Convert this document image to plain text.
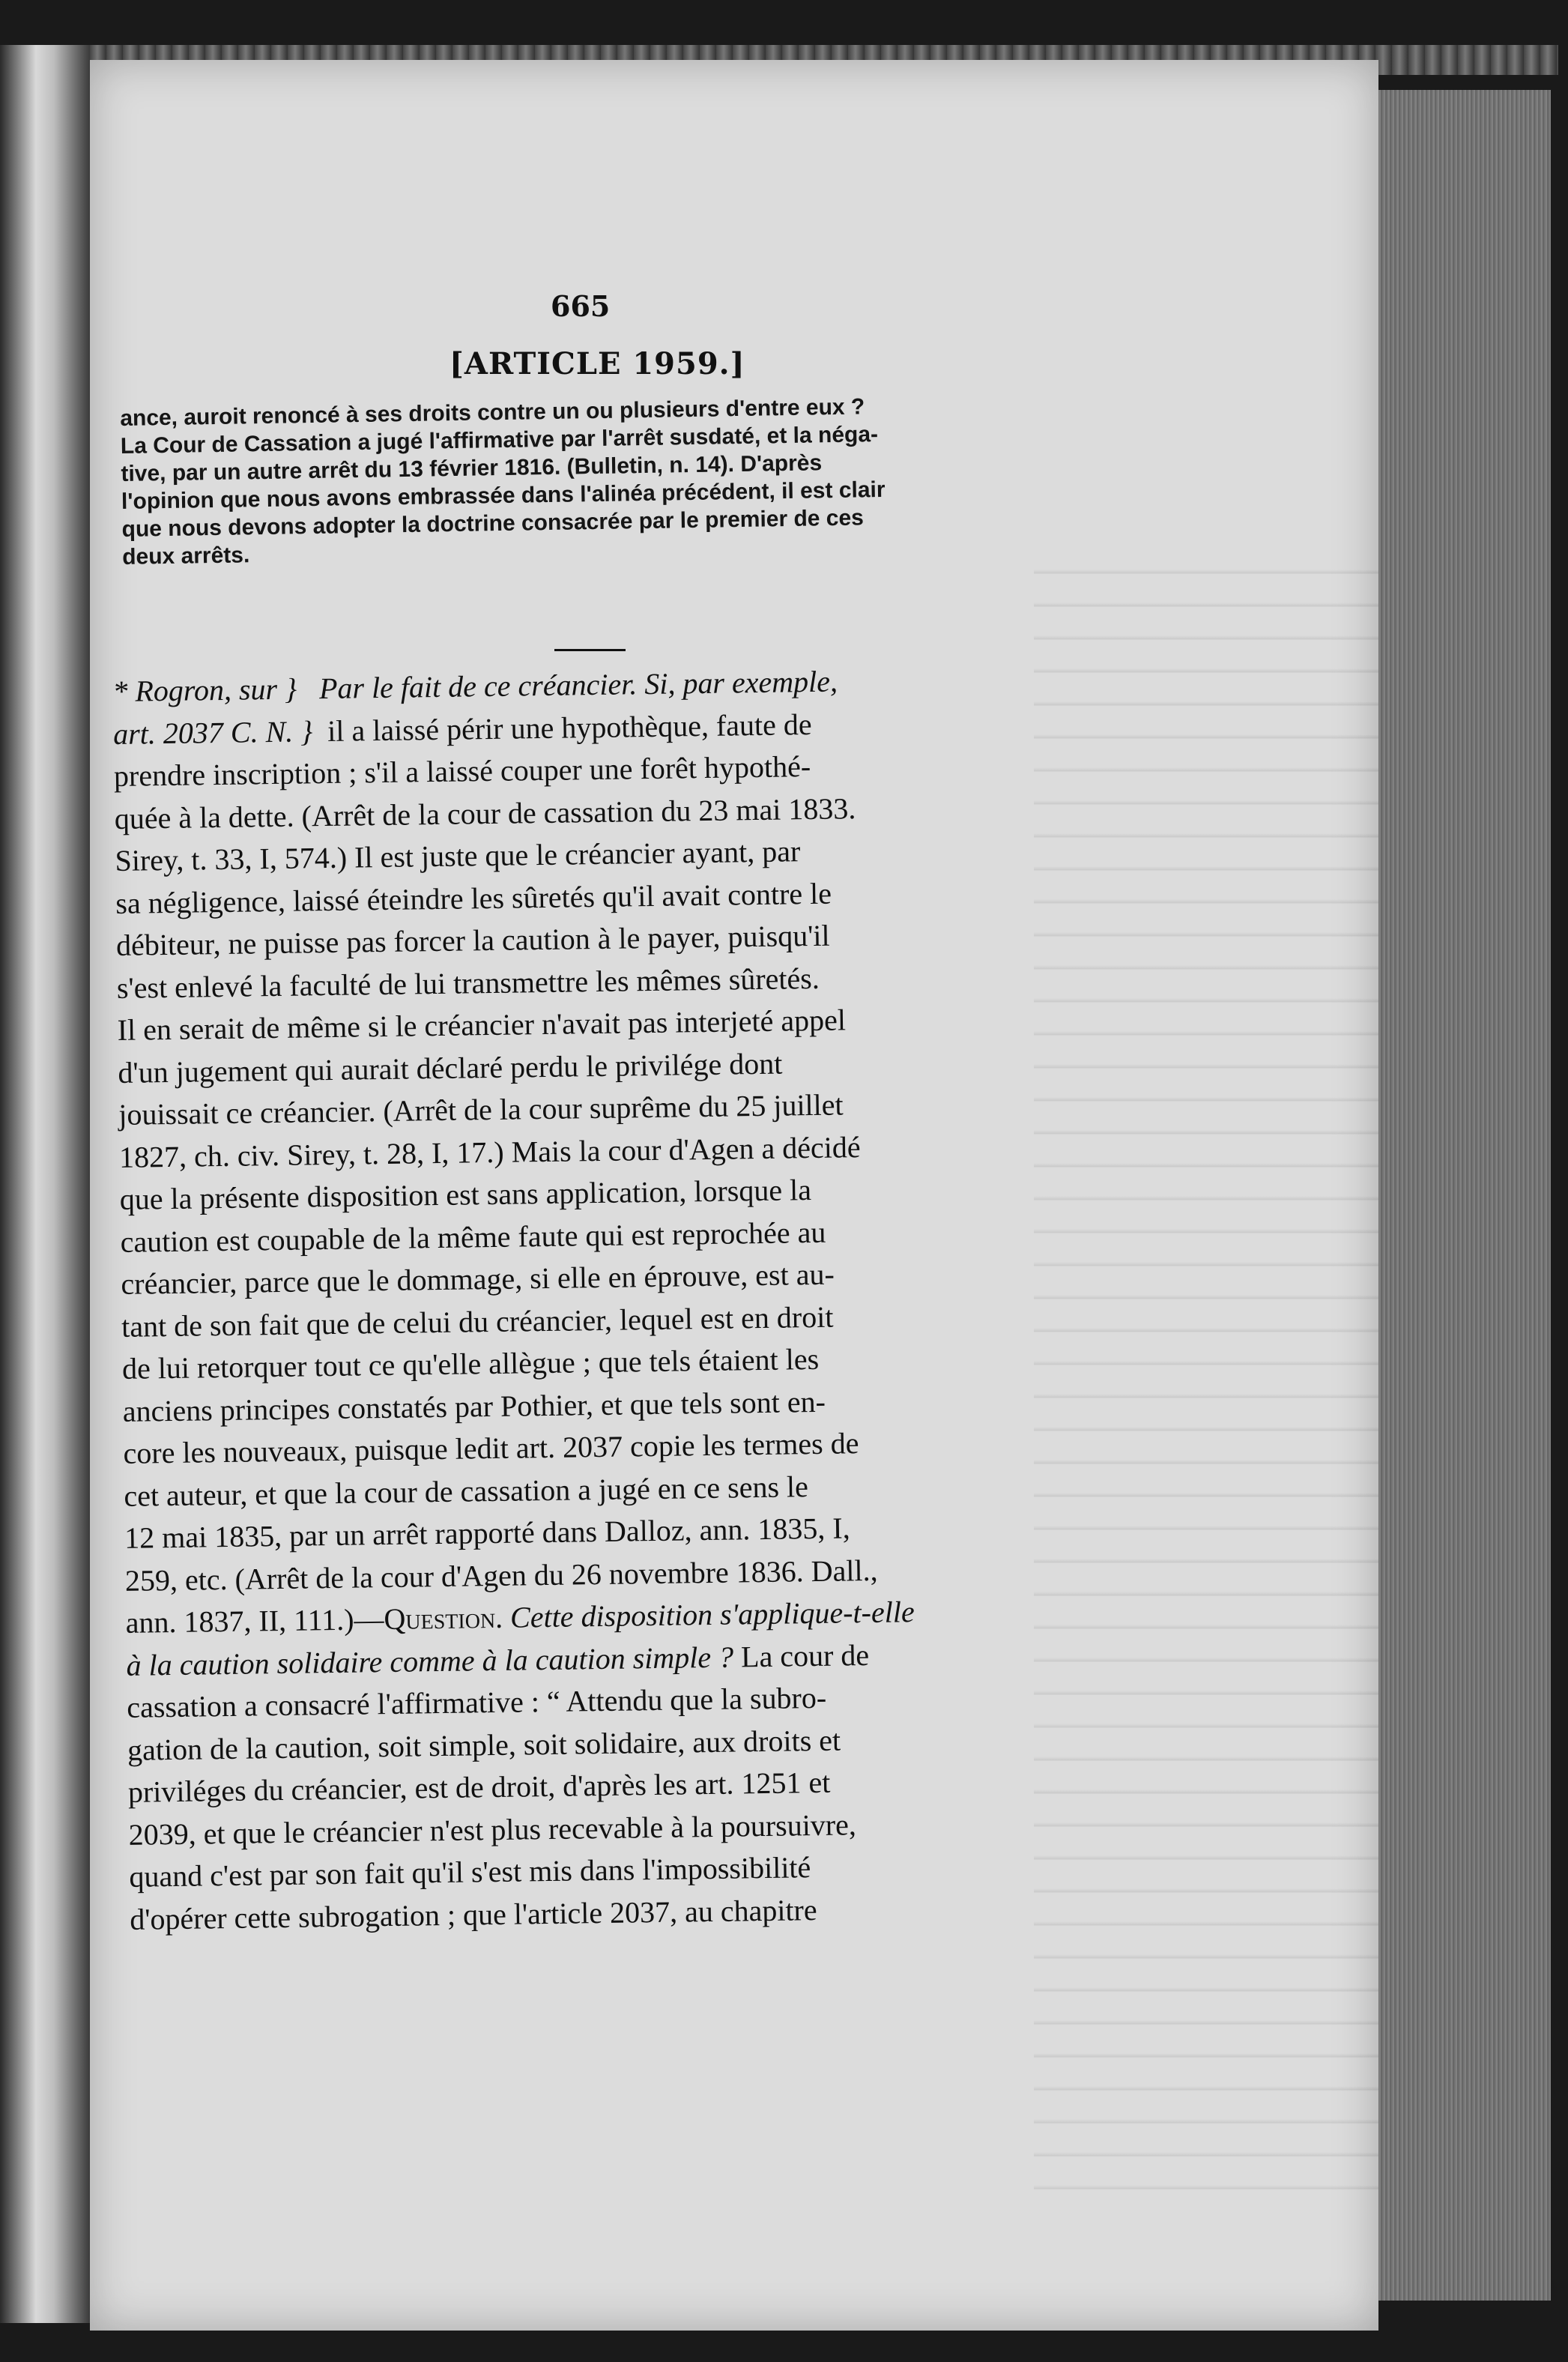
665
[ARTICLE 1959.]
ance, auroit renoncé à ses droits contre un ou plusieurs d'entre eux ?
La Cour de Cassation a jugé l'affirmative par l'arrêt susdaté, et la néga-
tive, par un autre arrêt du 13 février 1816. (Bulletin, n. 14). D'après
l'opinion que nous avons embrassée dans l'alinéa précédent, il est clair
que nous devons adopter la doctrine consacrée par le premier de ces
deux arrêts.
* Rogron, sur } Par le fait de ce créancier. Si, par exemple,
art. 2037 C. N. } il a laissé périr une hypothèque, faute de
prendre inscription ; s'il a laissé couper une forêt hypothé-
quée à la dette. (Arrêt de la cour de cassation du 23 mai 1833.
Sirey, t. 33, I, 574.) Il est juste que le créancier ayant, par
sa négligence, laissé éteindre les sûretés qu'il avait contre le
débiteur, ne puisse pas forcer la caution à le payer, puisqu'il
s'est enlevé la faculté de lui transmettre les mêmes sûretés.
Il en serait de même si le créancier n'avait pas interjeté appel
d'un jugement qui aurait déclaré perdu le privilége dont
jouissait ce créancier. (Arrêt de la cour suprême du 25 juillet
1827, ch. civ. Sirey, t. 28, I, 17.) Mais la cour d'Agen a décidé
que la présente disposition est sans application, lorsque la
caution est coupable de la même faute qui est reprochée au
créancier, parce que le dommage, si elle en éprouve, est au-
tant de son fait que de celui du créancier, lequel est en droit
de lui retorquer tout ce qu'elle allègue ; que tels étaient les
anciens principes constatés par Pothier, et que tels sont en-
core les nouveaux, puisque ledit art. 2037 copie les termes de
cet auteur, et que la cour de cassation a jugé en ce sens le
12 mai 1835, par un arrêt rapporté dans Dalloz, ann. 1835, I,
259, etc. (Arrêt de la cour d'Agen du 26 novembre 1836. Dall.,
ann. 1837, II, 111.)—Question. Cette disposition s'applique-t-elle
à la caution solidaire comme à la caution simple ? La cour de
cassation a consacré l'affirmative : “ Attendu que la subro-
gation de la caution, soit simple, soit solidaire, aux droits et
priviléges du créancier, est de droit, d'après les art. 1251 et
2039, et que le créancier n'est plus recevable à la poursuivre,
quand c'est par son fait qu'il s'est mis dans l'impossibilité
d'opérer cette subrogation ; que l'article 2037, au chapitre
